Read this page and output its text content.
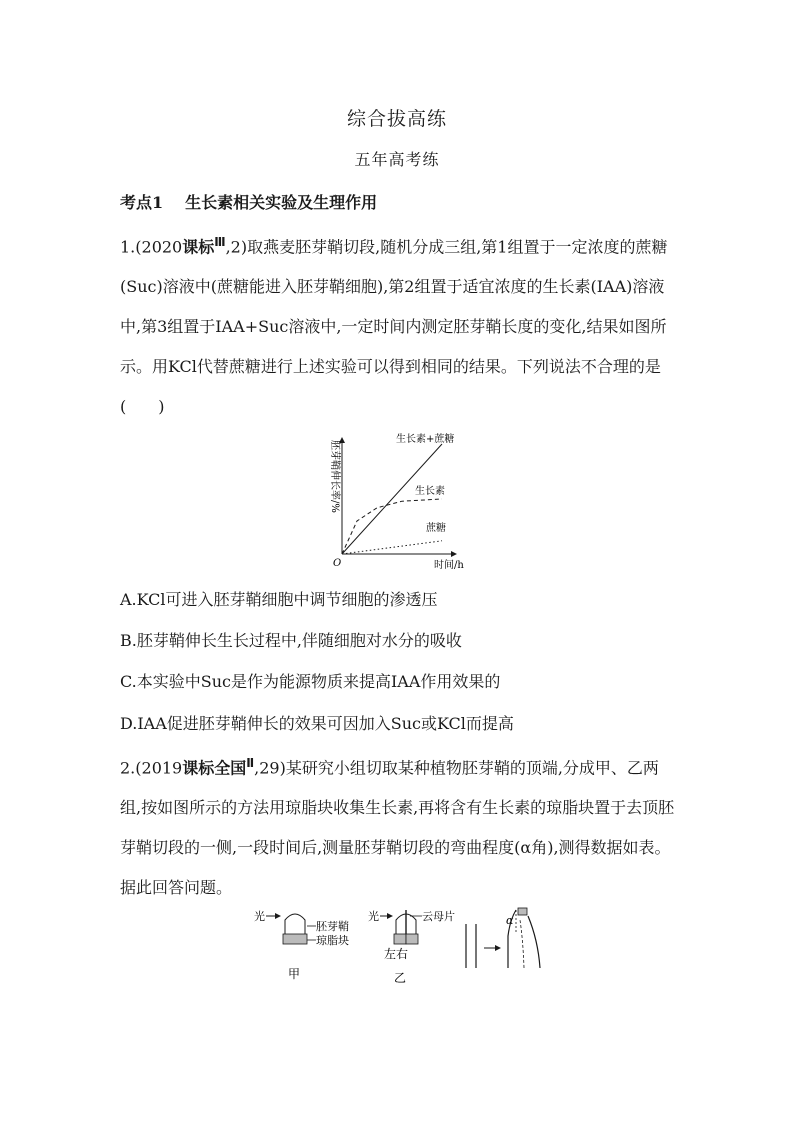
综合拔高练
五年高考练
考点1 生长素相关实验及生理作用
1.(2020课标$^Ⅲ$,2)取燕麦胚芽鞘切段,随机分成三组,第1组置于一定浓度的蔗糖(Suc)溶液中(蔗糖能进入胚芽鞘细胞),第2组置于适宜浓度的生长素(IAA)溶液中,第3组置于IAA+Suc溶液中,一定时间内测定胚芽鞘长度的变化,结果如图所示。用KCl代替蔗糖进行上述实验可以得到相同的结果。下列说法不合理的是(　　)
胚芽鞘伸长率/%
时间/h
O
生长素+蔗糖
生长素
蔗糖
A.KCl可进入胚芽鞘细胞中调节细胞的渗透压
B.胚芽鞘伸长生长过程中,伴随细胞对水分的吸收
C.本实验中Suc是作为能源物质来提高IAA作用效果的
D.IAA促进胚芽鞘伸长的效果可因加入Suc或KCl而提高
2.(2019课标全国$^Ⅱ$,29)某研究小组切取某种植物胚芽鞘的顶端,分成甲、乙两组,按如图所示的方法用琼脂块收集生长素,再将含有生长素的琼脂块置于去顶胚芽鞘切段的一侧,一段时间后,测量胚芽鞘切段的弯曲程度(α角),测得数据如表。据此回答问题。
光
胚芽鞘
琼脂块
甲
光	云母片
左右
乙
α
